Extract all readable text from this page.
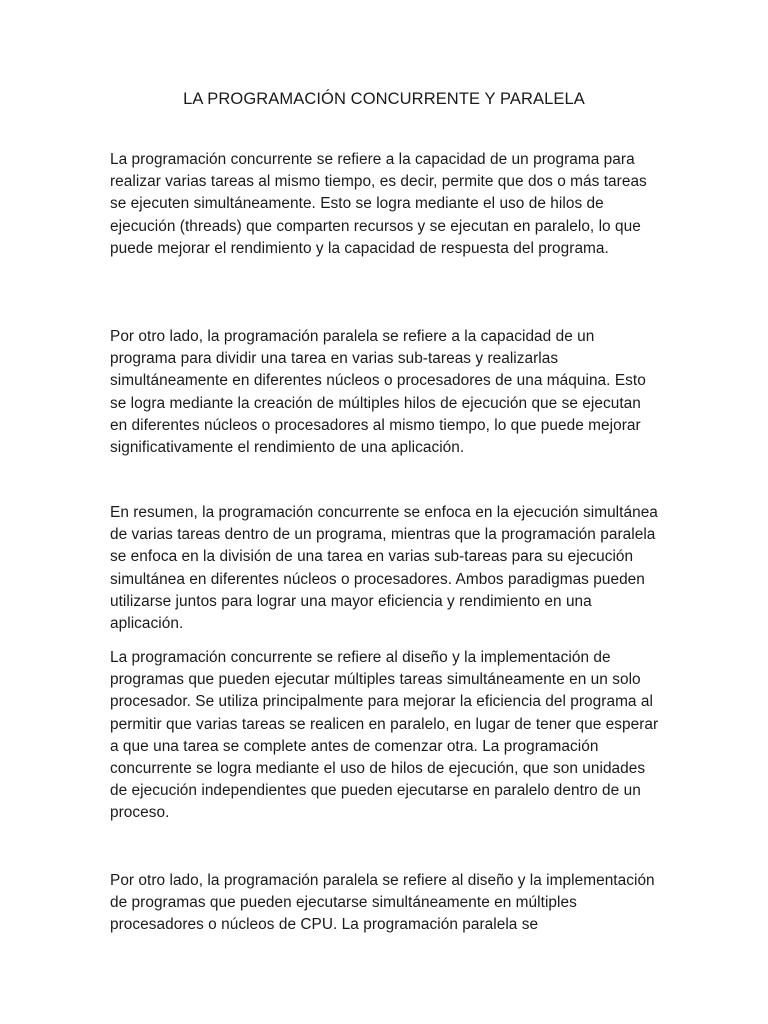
LA PROGRAMACIÓN CONCURRENTE Y PARALELA

La programación concurrente se refiere a la capacidad de un programa para realizar varias tareas al mismo tiempo, es decir, permite que dos o más tareas se ejecuten simultáneamente. Esto se logra mediante el uso de hilos de ejecución (threads) que comparten recursos y se ejecutan en paralelo, lo que puede mejorar el rendimiento y la capacidad de respuesta del programa.

Por otro lado, la programación paralela se refiere a la capacidad de un programa para dividir una tarea en varias sub-tareas y realizarlas simultáneamente en diferentes núcleos o procesadores de una máquina. Esto se logra mediante la creación de múltiples hilos de ejecución que se ejecutan en diferentes núcleos o procesadores al mismo tiempo, lo que puede mejorar significativamente el rendimiento de una aplicación.

En resumen, la programación concurrente se enfoca en la ejecución simultánea de varias tareas dentro de un programa, mientras que la programación paralela se enfoca en la división de una tarea en varias sub-tareas para su ejecución simultánea en diferentes núcleos o procesadores. Ambos paradigmas pueden utilizarse juntos para lograr una mayor eficiencia y rendimiento en una aplicación.

La programación concurrente se refiere al diseño y la implementación de programas que pueden ejecutar múltiples tareas simultáneamente en un solo procesador. Se utiliza principalmente para mejorar la eficiencia del programa al permitir que varias tareas se realicen en paralelo, en lugar de tener que esperar a que una tarea se complete antes de comenzar otra. La programación concurrente se logra mediante el uso de hilos de ejecución, que son unidades de ejecución independientes que pueden ejecutarse en paralelo dentro de un proceso.

Por otro lado, la programación paralela se refiere al diseño y la implementación de programas que pueden ejecutarse simultáneamente en múltiples procesadores o núcleos de CPU. La programación paralela se
